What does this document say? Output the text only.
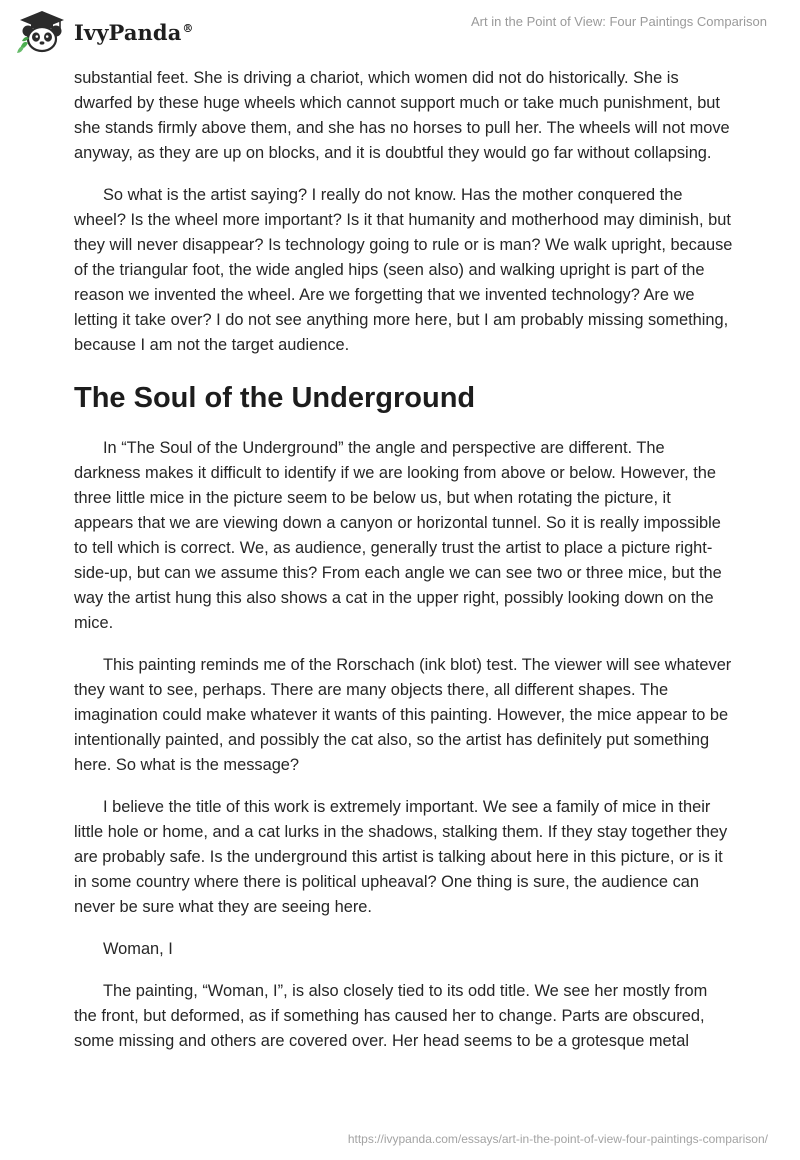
IvyPanda®	Art in the Point of View: Four Paintings Comparison

substantial feet. She is driving a chariot, which women did not do historically. She is dwarfed by these huge wheels which cannot support much or take much punishment, but she stands firmly above them, and she has no horses to pull her. The wheels will not move anyway, as they are up on blocks, and it is doubtful they would go far without collapsing.

So what is the artist saying? I really do not know. Has the mother conquered the wheel? Is the wheel more important? Is it that humanity and motherhood may diminish, but they will never disappear? Is technology going to rule or is man? We walk upright, because of the triangular foot, the wide angled hips (seen also) and walking upright is part of the reason we invented the wheel. Are we forgetting that we invented technology? Are we letting it take over? I do not see anything more here, but I am probably missing something, because I am not the target audience.

The Soul of the Underground

In “The Soul of the Underground” the angle and perspective are different. The darkness makes it difficult to identify if we are looking from above or below. However, the three little mice in the picture seem to be below us, but when rotating the picture, it appears that we are viewing down a canyon or horizontal tunnel. So it is really impossible to tell which is correct. We, as audience, generally trust the artist to place a picture right-side-up, but can we assume this? From each angle we can see two or three mice, but the way the artist hung this also shows a cat in the upper right, possibly looking down on the mice.

This painting reminds me of the Rorschach (ink blot) test. The viewer will see whatever they want to see, perhaps. There are many objects there, all different shapes. The imagination could make whatever it wants of this painting. However, the mice appear to be intentionally painted, and possibly the cat also, so the artist has definitely put something here. So what is the message?

I believe the title of this work is extremely important. We see a family of mice in their little hole or home, and a cat lurks in the shadows, stalking them. If they stay together they are probably safe. Is the underground this artist is talking about here in this picture, or is it in some country where there is political upheaval? One thing is sure, the audience can never be sure what they are seeing here.

Woman, I

The painting, “Woman, I”, is also closely tied to its odd title. We see her mostly from the front, but deformed, as if something has caused her to change. Parts are obscured, some missing and others are covered over. Her head seems to be a grotesque metal

https://ivypanda.com/essays/art-in-the-point-of-view-four-paintings-comparison/
